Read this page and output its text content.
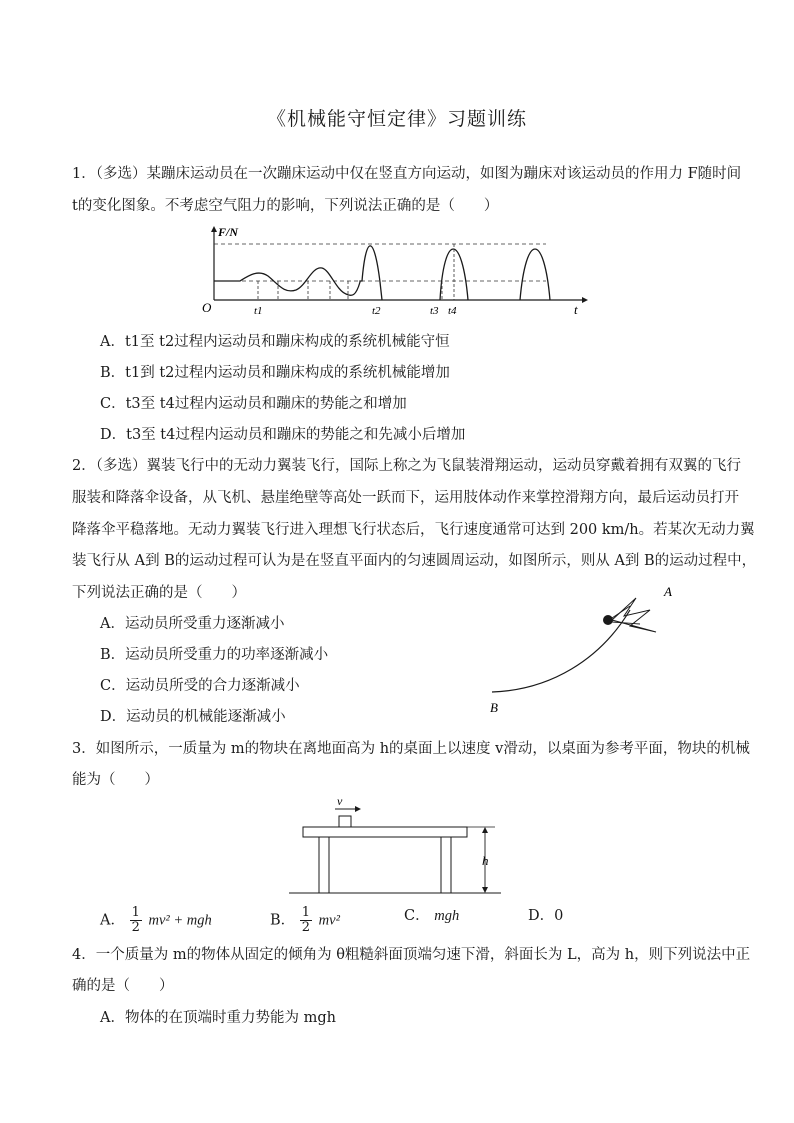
《机械能守恒定律》习题训练
1．（多选）某蹦床运动员在一次蹦床运动中仅在竖直方向运动，如图为蹦床对该运动员的作用力 F随时间
t的变化图象。不考虑空气阻力的影响，下列说法正确的是（　　）
F/N
O	t
t1	t2	t3 t4
A．t1至 t2过程内运动员和蹦床构成的系统机械能守恒
B．t1到 t2过程内运动员和蹦床构成的系统机械能增加
C．t3至 t4过程内运动员和蹦床的势能之和增加
D．t3至 t4过程内运动员和蹦床的势能之和先减小后增加
2．（多选）翼装飞行中的无动力翼装飞行，国际上称之为飞鼠装滑翔运动，运动员穿戴着拥有双翼的飞行
服装和降落伞设备，从飞机、悬崖绝壁等高处一跃而下，运用肢体动作来掌控滑翔方向，最后运动员打开
降落伞平稳落地。无动力翼装飞行进入理想飞行状态后，飞行速度通常可达到 200 km/h。若某次无动力翼
装飞行从 A到 B的运动过程可认为是在竖直平面内的匀速圆周运动，如图所示，则从 A到 B的运动过程中，
下列说法正确的是（　　）
A．运动员所受重力逐渐减小
B．运动员所受重力的功率逐渐减小
C．运动员所受的合力逐渐减小
D．运动员的机械能逐渐减小
A
B
3．如图所示，一质量为 m的物块在离地面高为 h的桌面上以速度 v滑动，以桌面为参考平面，物块的机械
能为（　　）
v
h
A． $\frac{1}{2} mv^2$ + mgh	B． $\frac{1}{2} mv^2$	C． mgh	D．0
4．一个质量为 m的物体从固定的倾角为 θ粗糙斜面顶端匀速下滑，斜面长为 L，高为 h，则下列说法中正
确的是（　　）
A．物体的在顶端时重力势能为 mgh
